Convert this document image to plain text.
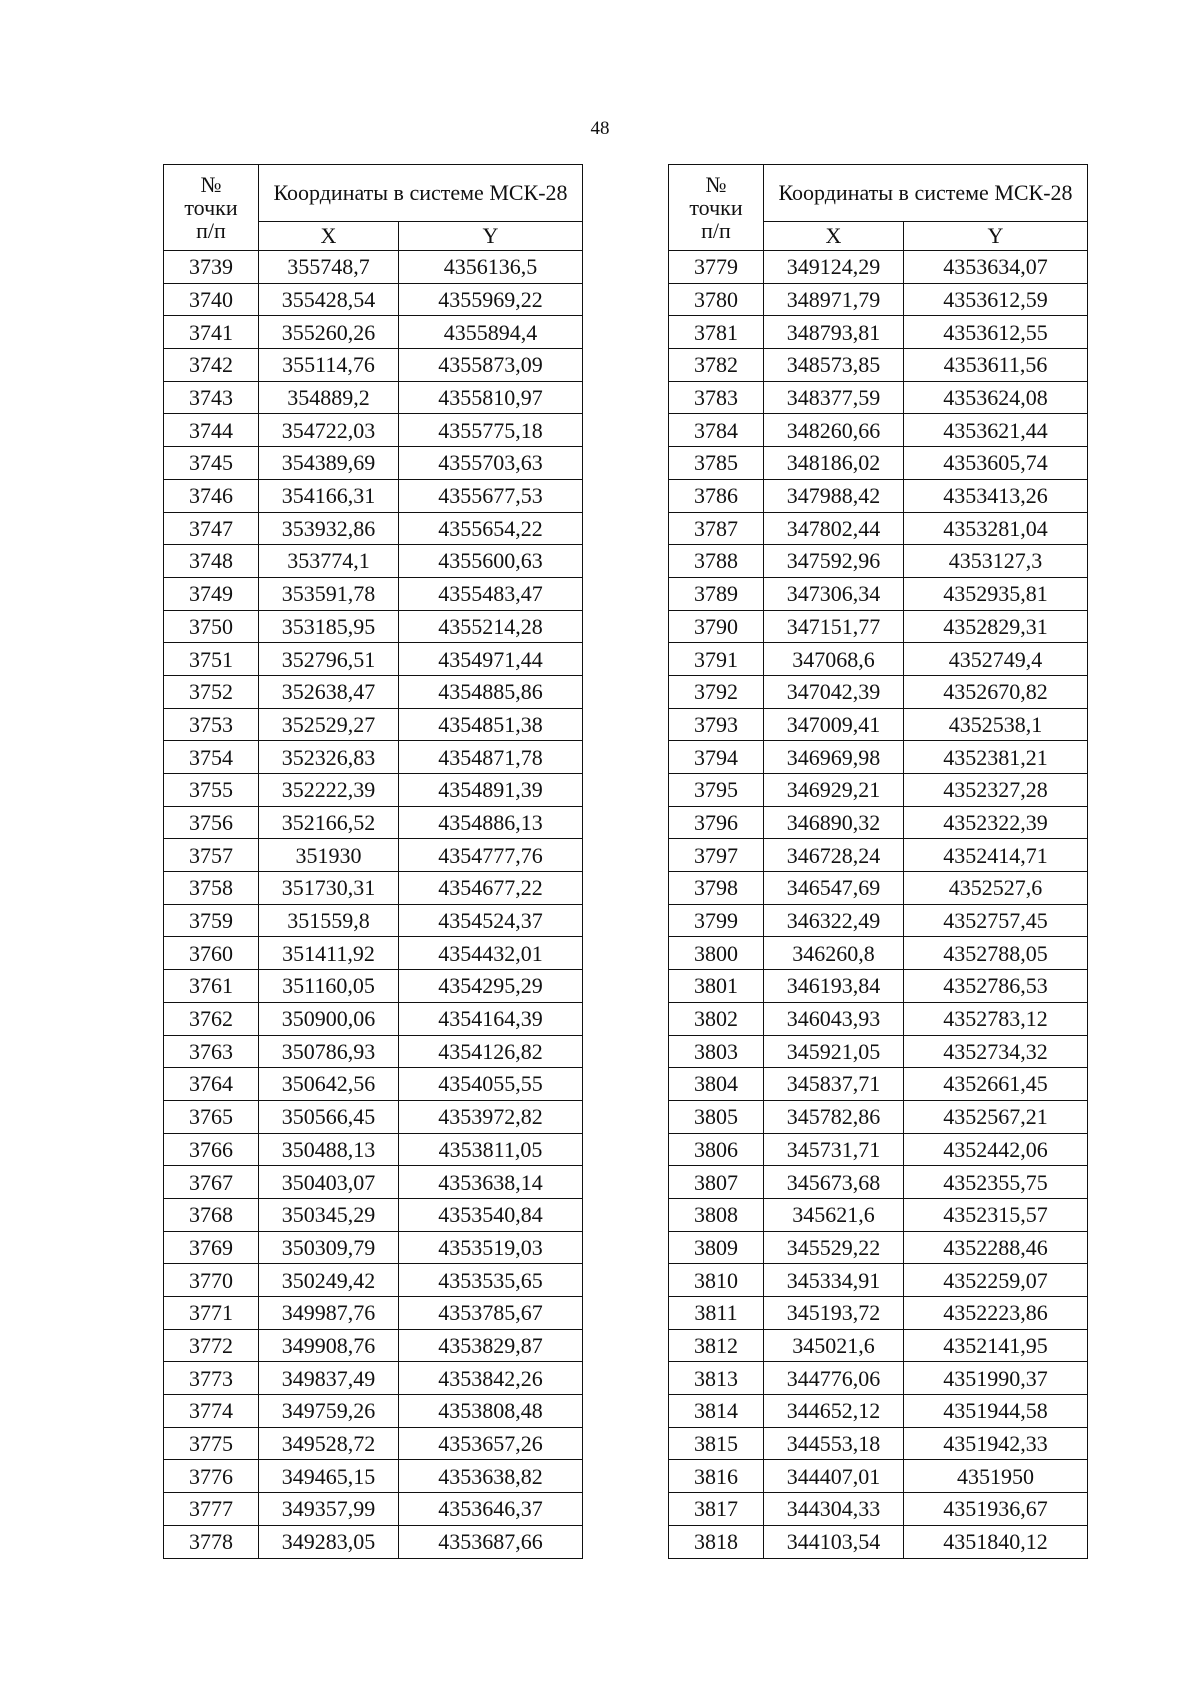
48
№
точки
п/п	Координаты в системе МСК-28	
	X	Y
3739	355748,7	4356136,5
3740	355428,54	4355969,22
3741	355260,26	4355894,4
3742	355114,76	4355873,09
3743	354889,2	4355810,97
3744	354722,03	4355775,18
3745	354389,69	4355703,63
3746	354166,31	4355677,53
3747	353932,86	4355654,22
3748	353774,1	4355600,63
3749	353591,78	4355483,47
3750	353185,95	4355214,28
3751	352796,51	4354971,44
3752	352638,47	4354885,86
3753	352529,27	4354851,38
3754	352326,83	4354871,78
3755	352222,39	4354891,39
3756	352166,52	4354886,13
3757	351930	4354777,76
3758	351730,31	4354677,22
3759	351559,8	4354524,37
3760	351411,92	4354432,01
3761	351160,05	4354295,29
3762	350900,06	4354164,39
3763	350786,93	4354126,82
3764	350642,56	4354055,55
3765	350566,45	4353972,82
3766	350488,13	4353811,05
3767	350403,07	4353638,14
3768	350345,29	4353540,84
3769	350309,79	4353519,03
3770	350249,42	4353535,65
3771	349987,76	4353785,67
3772	349908,76	4353829,87
3773	349837,49	4353842,26
3774	349759,26	4353808,48
3775	349528,72	4353657,26
3776	349465,15	4353638,82
3777	349357,99	4353646,37
3778	349283,05	4353687,66
№
точки
п/п	Координаты в системе МСК-28	
	X	Y
3779	349124,29	4353634,07
3780	348971,79	4353612,59
3781	348793,81	4353612,55
3782	348573,85	4353611,56
3783	348377,59	4353624,08
3784	348260,66	4353621,44
3785	348186,02	4353605,74
3786	347988,42	4353413,26
3787	347802,44	4353281,04
3788	347592,96	4353127,3
3789	347306,34	4352935,81
3790	347151,77	4352829,31
3791	347068,6	4352749,4
3792	347042,39	4352670,82
3793	347009,41	4352538,1
3794	346969,98	4352381,21
3795	346929,21	4352327,28
3796	346890,32	4352322,39
3797	346728,24	4352414,71
3798	346547,69	4352527,6
3799	346322,49	4352757,45
3800	346260,8	4352788,05
3801	346193,84	4352786,53
3802	346043,93	4352783,12
3803	345921,05	4352734,32
3804	345837,71	4352661,45
3805	345782,86	4352567,21
3806	345731,71	4352442,06
3807	345673,68	4352355,75
3808	345621,6	4352315,57
3809	345529,22	4352288,46
3810	345334,91	4352259,07
3811	345193,72	4352223,86
3812	345021,6	4352141,95
3813	344776,06	4351990,37
3814	344652,12	4351944,58
3815	344553,18	4351942,33
3816	344407,01	4351950
3817	344304,33	4351936,67
3818	344103,54	4351840,12
